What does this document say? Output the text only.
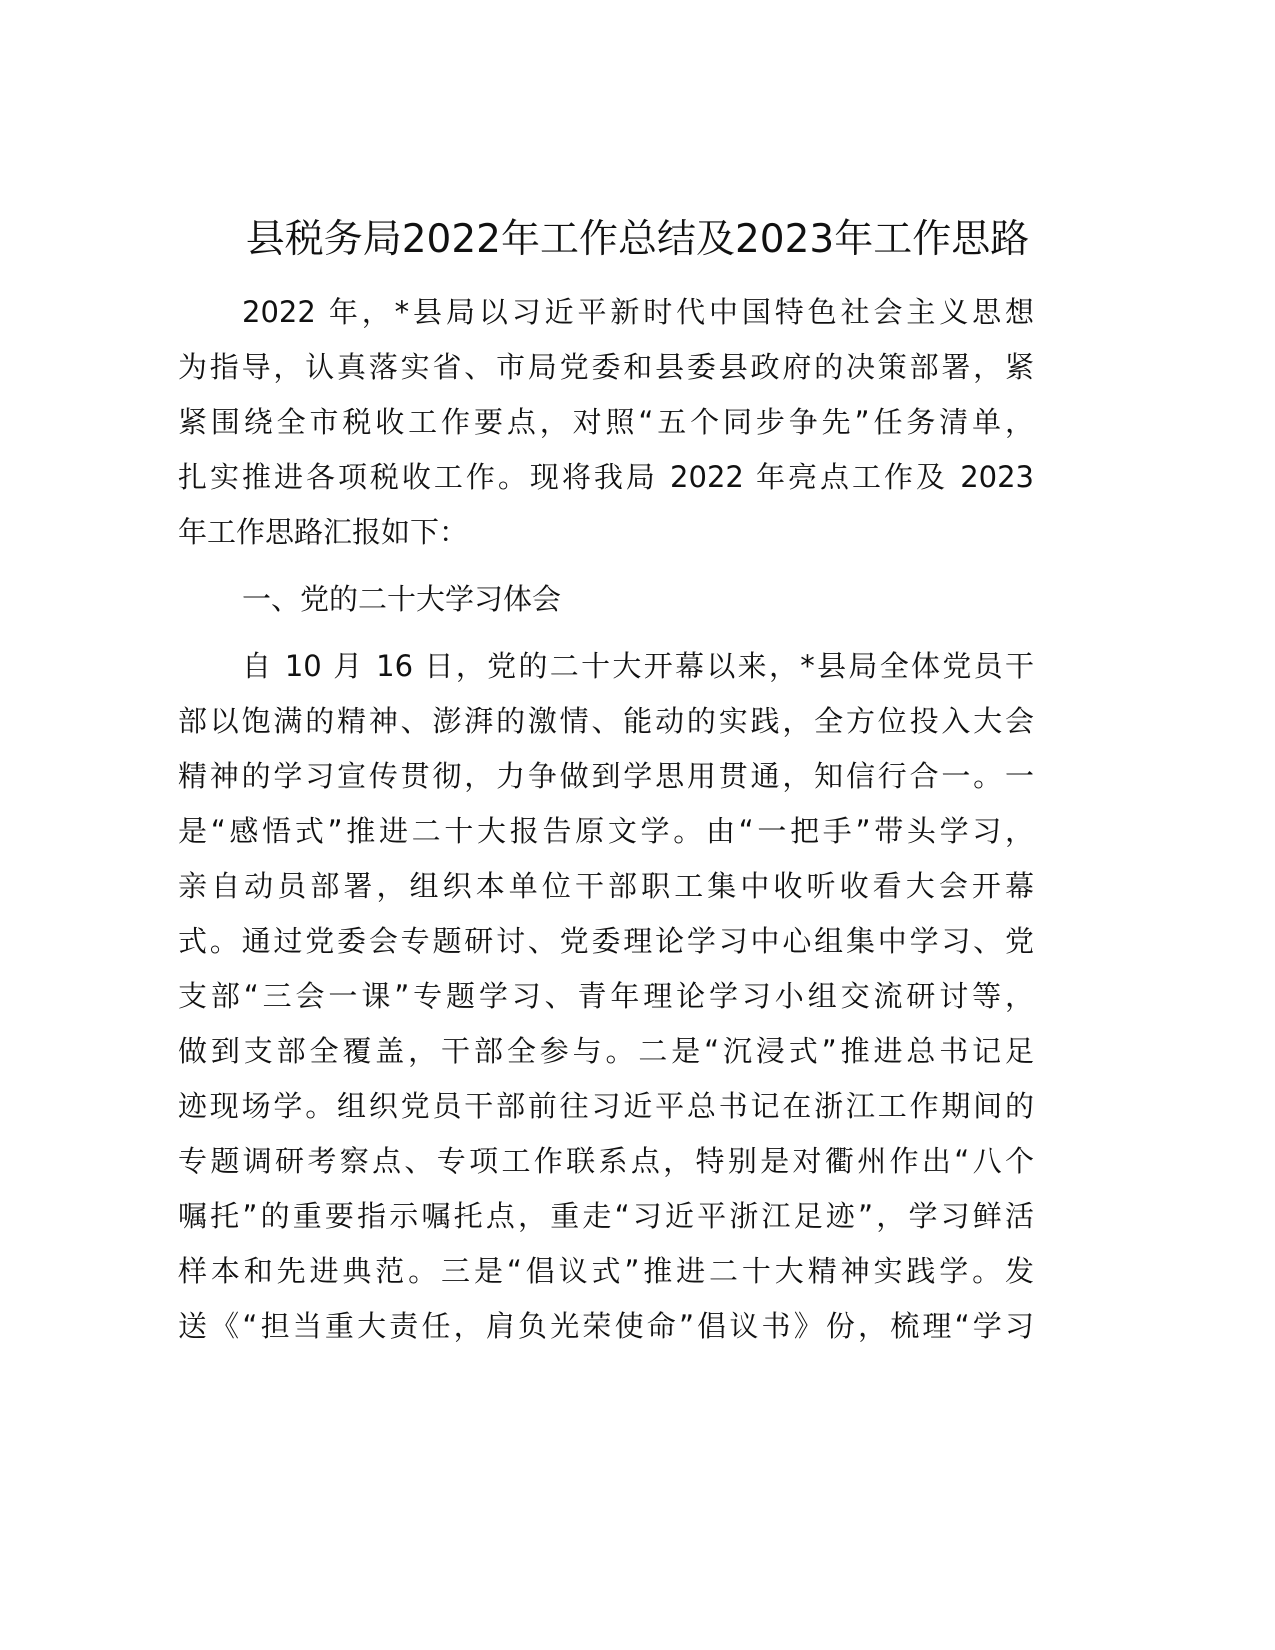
县税务局2022年工作总结及2023年工作思路
2022 年，*县局以习近平新时代中国特色社会主义思想
为指导，认真落实省、市局党委和县委县政府的决策部署，紧
紧围绕全市税收工作要点，对照“五个同步争先”任务清单，
扎实推进各项税收工作。现将我局 2022 年亮点工作及 2023
年工作思路汇报如下：
一、党的二十大学习体会
自 10 月 16 日，党的二十大开幕以来，*县局全体党员干
部以饱满的精神、澎湃的激情、能动的实践，全方位投入大会
精神的学习宣传贯彻，力争做到学思用贯通，知信行合一。一
是“感悟式”推进二十大报告原文学。由“一把手”带头学习，
亲自动员部署，组织本单位干部职工集中收听收看大会开幕
式。通过党委会专题研讨、党委理论学习中心组集中学习、党
支部“三会一课”专题学习、青年理论学习小组交流研讨等，
做到支部全覆盖，干部全参与。二是“沉浸式”推进总书记足
迹现场学。组织党员干部前往习近平总书记在浙江工作期间的
专题调研考察点、专项工作联系点，特别是对衢州作出“八个
嘱托”的重要指示嘱托点，重走“习近平浙江足迹”，学习鲜活
样本和先进典范。三是“倡议式”推进二十大精神实践学。发
送《“担当重大责任，肩负光荣使命”倡议书》份，梳理“学习
